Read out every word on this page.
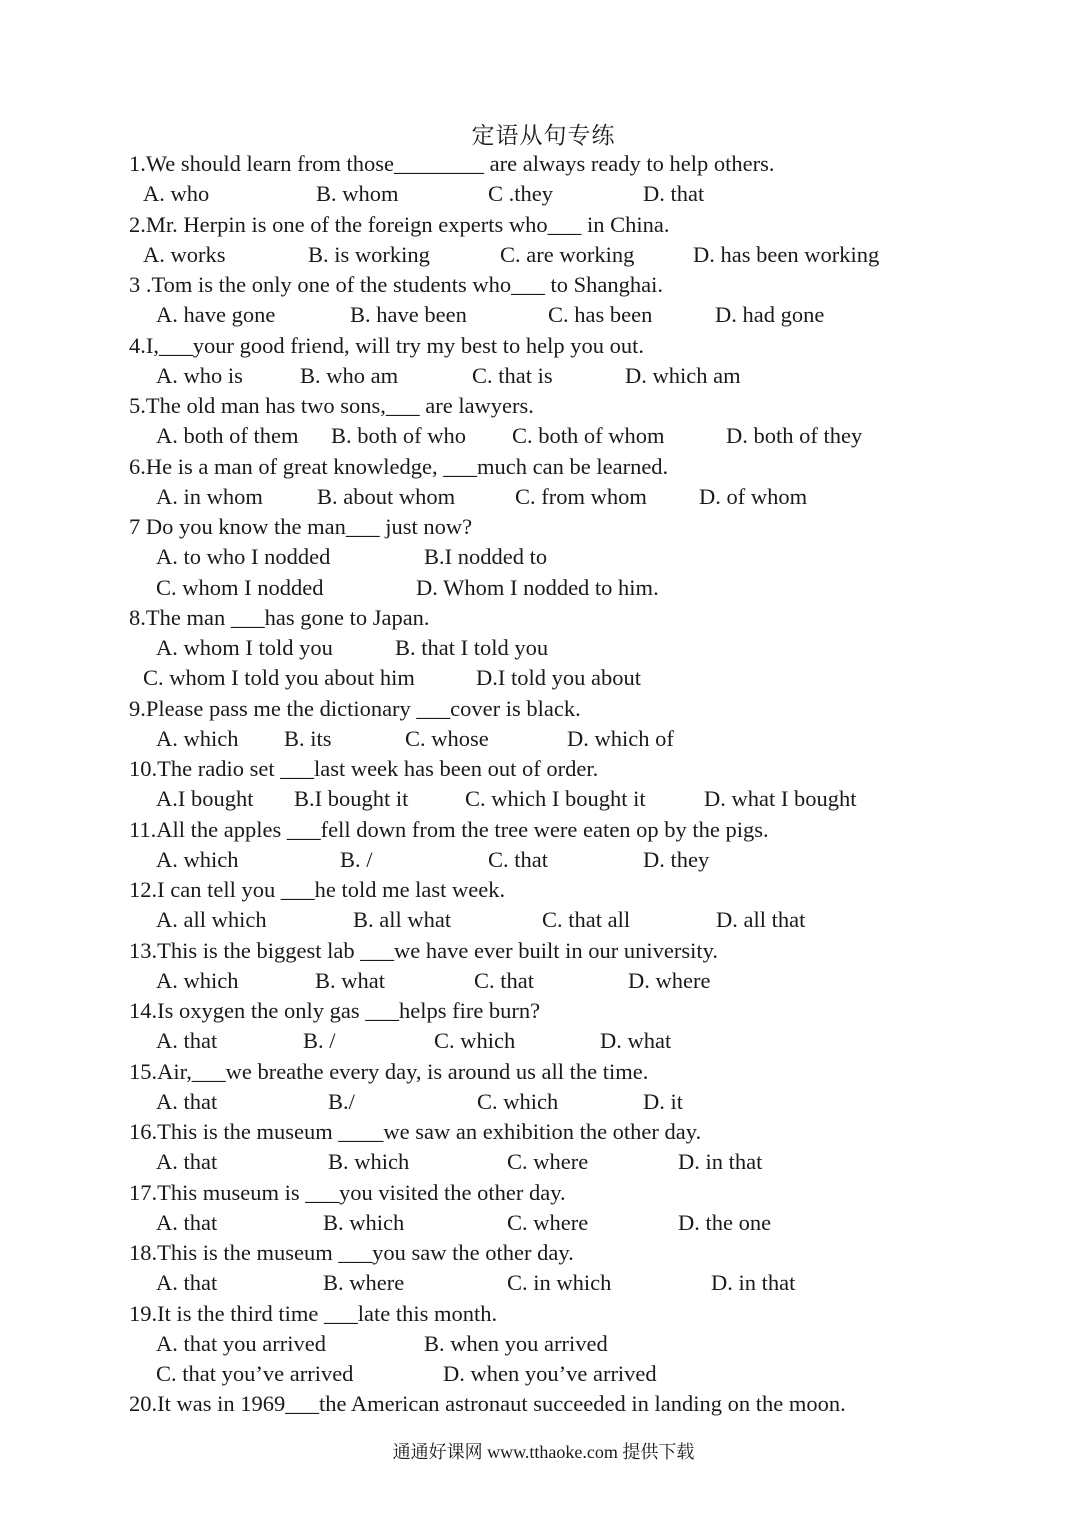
定语从句专练
1.We should learn from those________ are always ready to help others.
A. who	B. whom	C .they	D. that
2.Mr. Herpin is one of the foreign experts who___ in China.
A. works	B. is working	C. are working	D. has been working
3 .Tom is the only one of the students who___ to Shanghai.
A. have gone	B. have been	C. has been	D. had gone
4.I,___your good friend, will try my best to help you out.
A. who is	B. who am	C. that is	D. which am
5.The old man has two sons,___ are lawyers.
A. both of them B. both of who C. both of whom	D. both of they
6.He is a man of great knowledge, ___much can be learned.
A. in whom B. about whom	C. from whom D. of whom
7 Do you know the man___ just now?
A. to who I nodded	B.I nodded to
C. whom I nodded	D. Whom I nodded to him.
8.The man ___has gone to Japan.
A. whom I told you	B. that I told you
C. whom I told you about him	D.I told you about
9.Please pass me the dictionary ___cover is black.
A. which B. its	C. whose	D. which of
10.The radio set ___last week has been out of order.
A.I bought B.I bought it	C. which I bought it	D. what I bought
11.All the apples ___fell down from the tree were eaten op by the pigs.
A. which	B. /	C. that	D. they
12.I can tell you ___he told me last week.
A. all which	B. all what	C. that all	D. all that
13.This is the biggest lab ___we have ever built in our university.
A. which	B. what	C. that	D. where
14.Is oxygen the only gas ___helps fire burn?
A. that	B. /	C. which	D. what
15.Air,___we breathe every day, is around us all the time.
A. that	B./	C. which	D. it
16.This is the museum ____we saw an exhibition the other day.
A. that	B. which	C. where	D. in that
17.This museum is ___you visited the other day.
A. that	B. which	C. where	D. the one
18.This is the museum ___you saw the other day.
A. that	B. where	C. in which	D. in that
19.It is the third time ___late this month.
A. that you arrived	B. when you arrived
C. that you’ve arrived	D. when you’ve arrived
20.It was in 1969___the American astronaut succeeded in landing on the moon.
通通好课网 www.tthaoke.com 提供下载
